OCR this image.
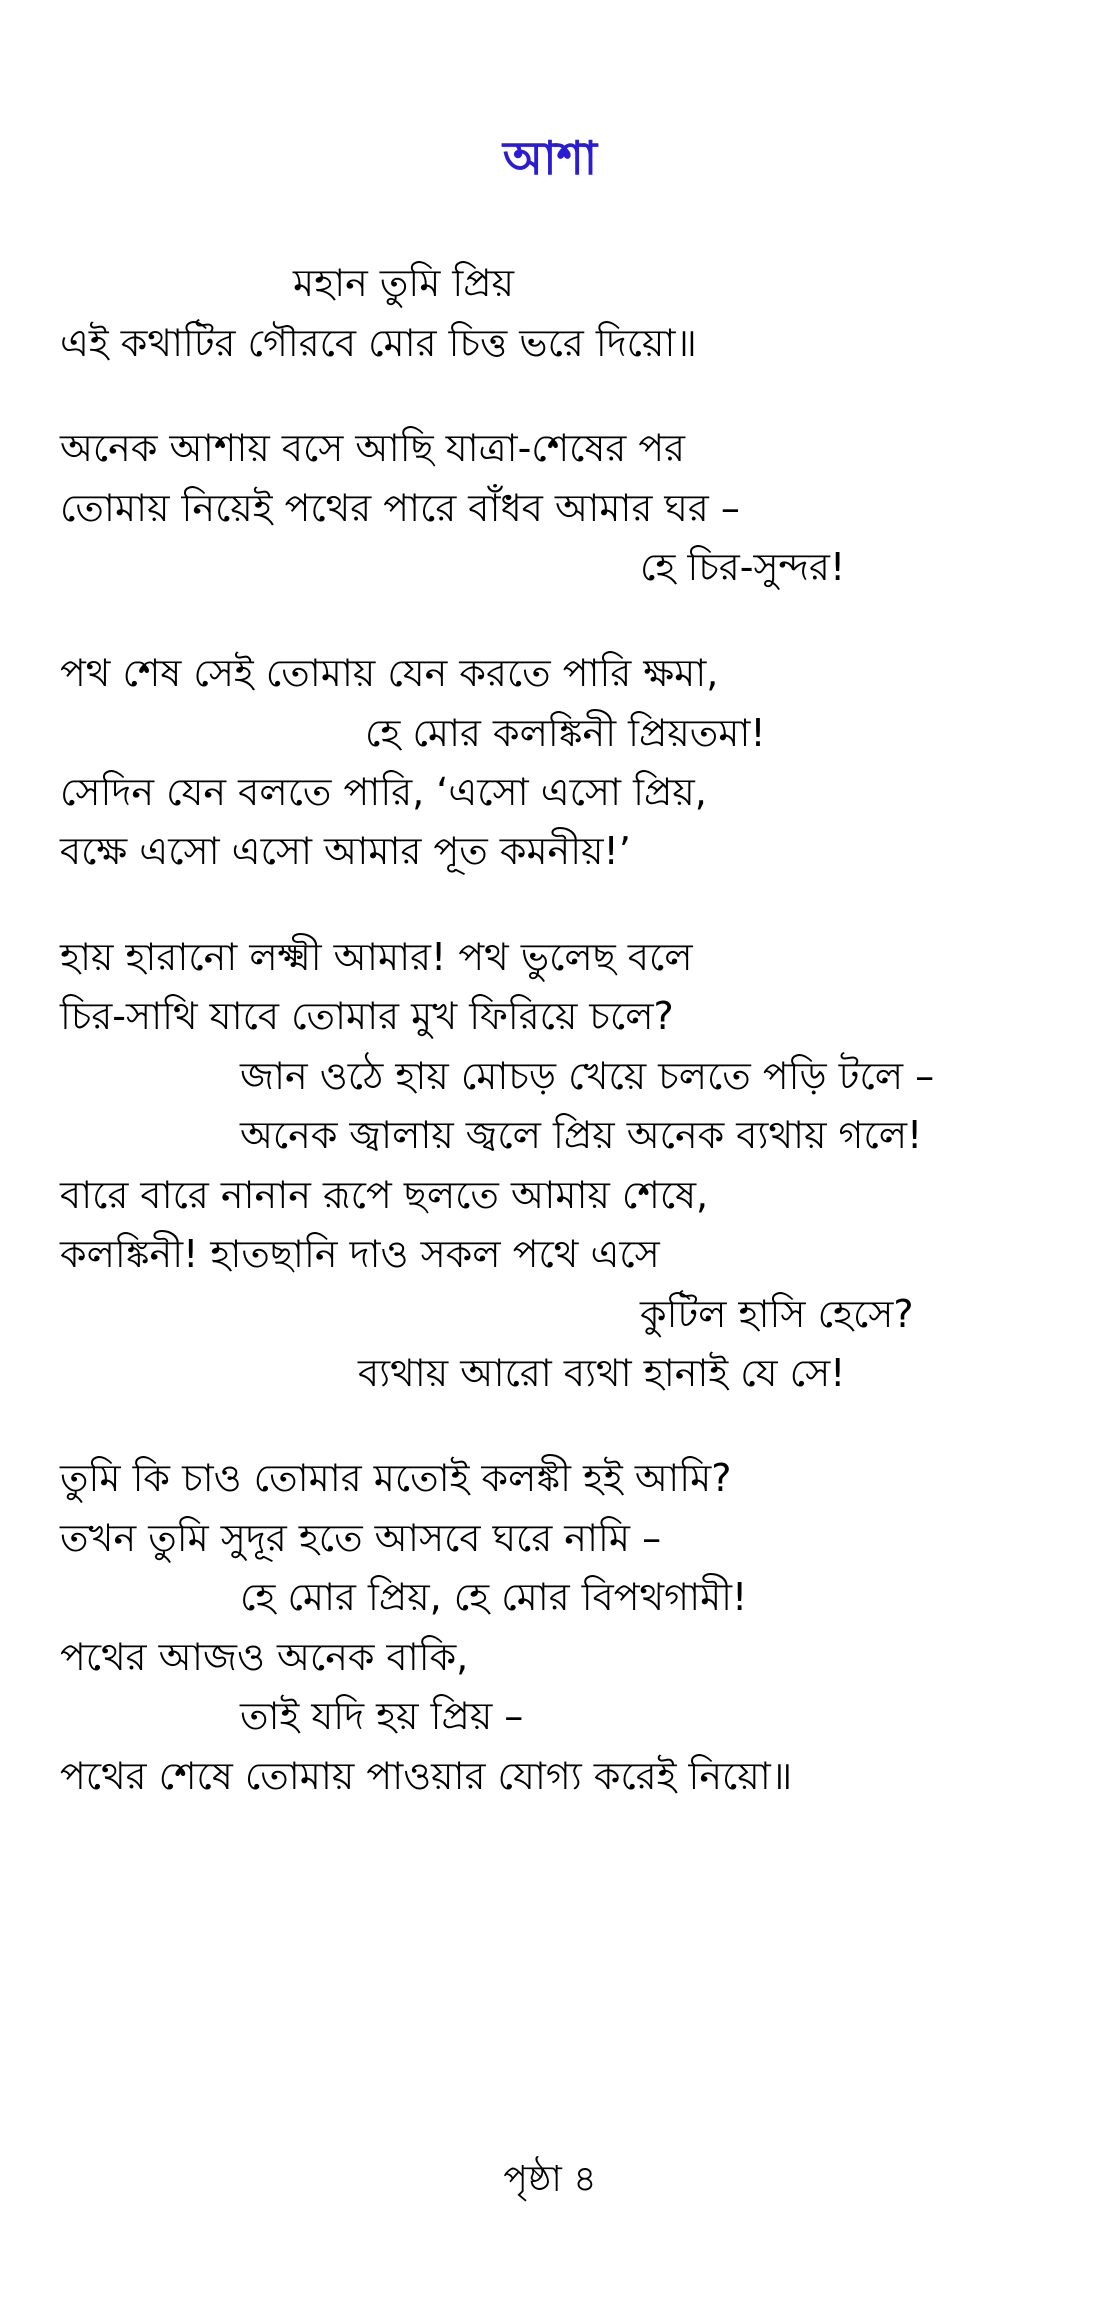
আশা
মহান তুমি প্রিয়
এই কথাটির গৌরবে মোর চিত্ত ভরে দিয়ো॥
অনেক আশায় বসে আছি যাত্রা-শেষের পর
তোমায় নিয়েই পথের পারে বাঁধব আমার ঘর –
হে চির-সুন্দর!
পথ শেষ সেই তোমায় যেন করতে পারি ক্ষমা,
হে মোর কলঙ্কিনী প্রিয়তমা!
সেদিন যেন বলতে পারি, ‘এসো এসো প্রিয়,
বক্ষে এসো এসো আমার পূত কমনীয়!’
হায় হারানো লক্ষ্মী আমার! পথ ভুলেছ বলে
চির-সাথি যাবে তোমার মুখ ফিরিয়ে চলে?
জান ওঠে হায় মোচড় খেয়ে চলতে পড়ি টলে –
অনেক জ্বালায় জ্বলে প্রিয় অনেক ব্যথায় গলে!
বারে বারে নানান রূপে ছলতে আমায় শেষে,
কলঙ্কিনী! হাতছানি দাও সকল পথে এসে
কুটিল হাসি হেসে?
ব্যথায় আরো ব্যথা হানাই যে সে!
তুমি কি চাও তোমার মতোই কলঙ্কী হই আমি?
তখন তুমি সুদূর হতে আসবে ঘরে নামি –
হে মোর প্রিয়, হে মোর বিপথগামী!
পথের আজও অনেক বাকি,
তাই যদি হয় প্রিয় –
পথের শেষে তোমায় পাওয়ার যোগ্য করেই নিয়ো॥
পৃষ্ঠা ৪
